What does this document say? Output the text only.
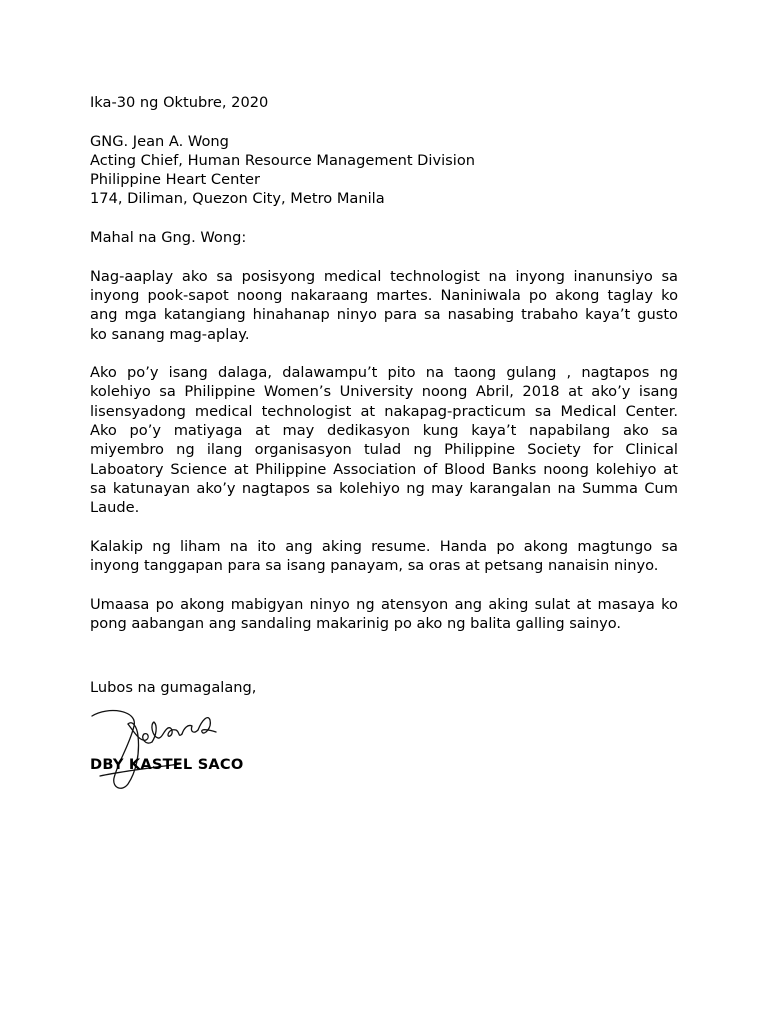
Ika-30 ng Oktubre, 2020

GNG. Jean A. Wong

Acting Chief, Human Resource Management Division

Philippine Heart Center

174, Diliman, Quezon City, Metro Manila

Mahal na Gng. Wong:

Nag-aaplay ako sa posisyong medical technologist na inyong inanunsiyo sa
inyong pook-sapot noong nakaraang martes. Naniniwala po akong taglay ko
ang mga katangiang hinahanap ninyo para sa nasabing trabaho kaya’t gusto
ko sanang mag-aplay.
Ako po’y isang dalaga, dalawampu’t pito na taong gulang , nagtapos ng
kolehiyo sa Philippine Women’s University noong Abril, 2018 at ako’y isang
lisensyadong medical technologist at nakapag-practicum sa Medical Center.
Ako po’y matiyaga at may dedikasyon kung kaya’t napabilang ako sa
miyembro ng ilang organisasyon tulad ng Philippine Society for Clinical
Laboatory Science at Philippine Association of Blood Banks noong kolehiyo at
sa katunayan ako’y nagtapos sa kolehiyo ng may karangalan na Summa Cum
Laude.
Kalakip ng liham na ito ang aking resume. Handa po akong magtungo sa
inyong tanggapan para sa isang panayam, sa oras at petsang nanaisin ninyo.
Umaasa po akong mabigyan ninyo ng atensyon ang aking sulat at masaya ko
pong aabangan ang sandaling makarinig po ako ng balita galling sainyo.

Lubos na gumagalang,

DBY KASTEL SACO
